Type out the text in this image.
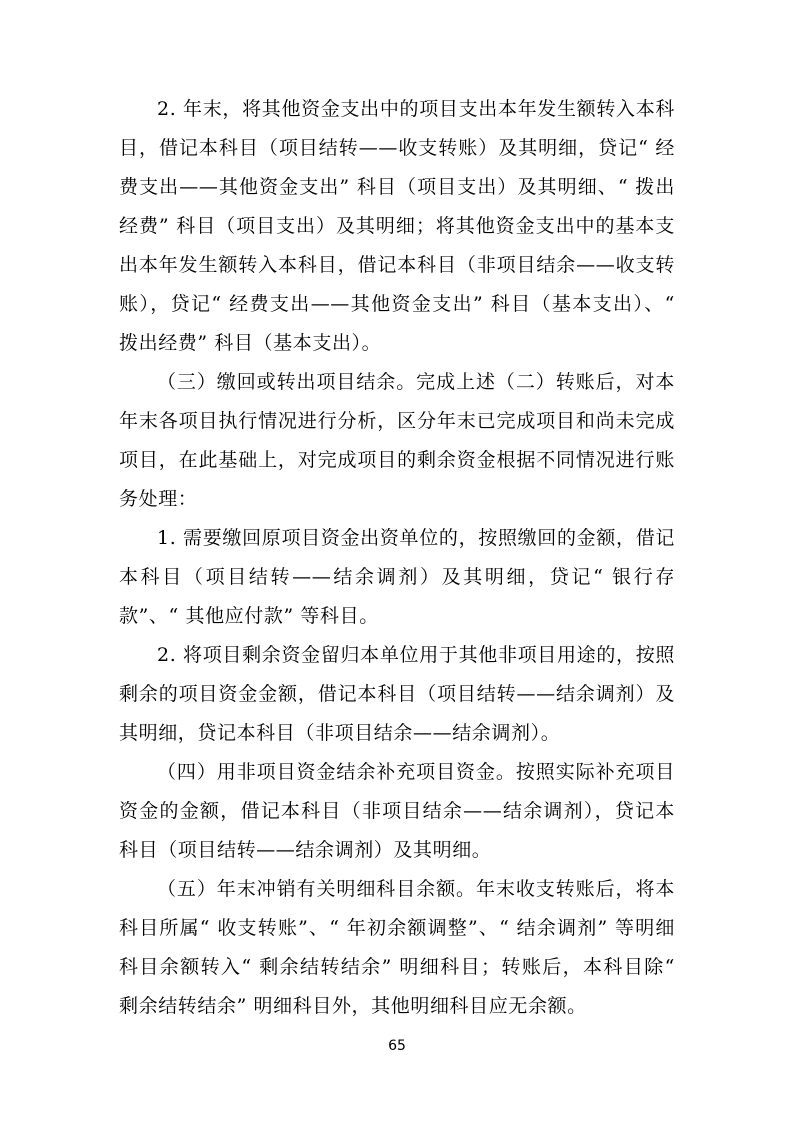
2. 年末，将其他资金支出中的项目支出本年发生额转入本科目，借记本科目（项目结转——收支转账）及其明细，贷记“ 经费支出——其他资金支出” 科目（项目支出）及其明细、“ 拨出经费” 科目（项目支出）及其明细；将其他资金支出中的基本支出本年发生额转入本科目，借记本科目（非项目结余——收支转账），贷记“ 经费支出——其他资金支出” 科目（基本支出）、“ 拨出经费” 科目（基本支出）。

（三）缴回或转出项目结余。完成上述（二）转账后，对本年末各项目执行情况进行分析，区分年末已完成项目和尚未完成项目，在此基础上，对完成项目的剩余资金根据不同情况进行账务处理：

1. 需要缴回原项目资金出资单位的，按照缴回的金额，借记本科目（项目结转——结余调剂）及其明细，贷记“ 银行存款”、“ 其他应付款” 等科目。

2. 将项目剩余资金留归本单位用于其他非项目用途的，按照剩余的项目资金金额，借记本科目（项目结转——结余调剂）及其明细，贷记本科目（非项目结余——结余调剂）。

（四）用非项目资金结余补充项目资金。按照实际补充项目资金的金额，借记本科目（非项目结余——结余调剂），贷记本科目（项目结转——结余调剂）及其明细。

（五）年末冲销有关明细科目余额。年末收支转账后，将本科目所属“ 收支转账”、“ 年初余额调整”、“ 结余调剂” 等明细科目余额转入“ 剩余结转结余” 明细科目；转账后，本科目除“ 剩余结转结余” 明细科目外，其他明细科目应无余额。

65
